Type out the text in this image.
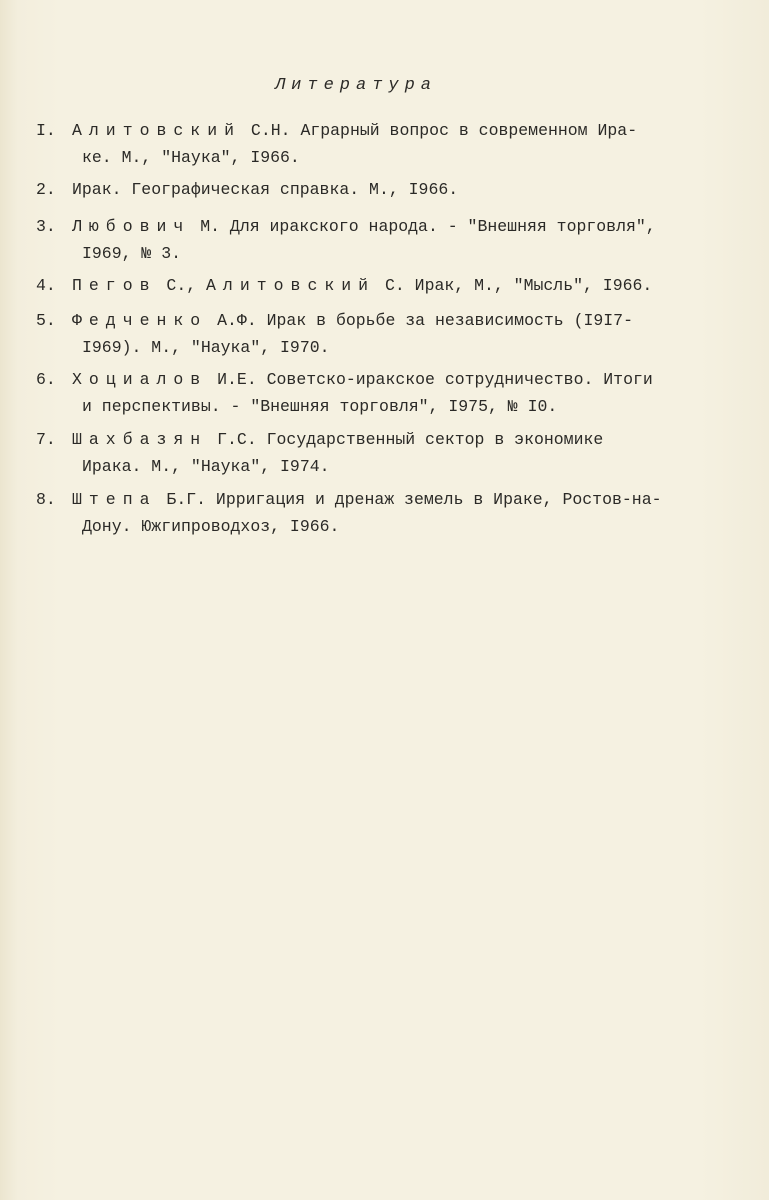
Литература
I. Алитовский С.Н. Аграрный вопрос в современном Ира-
ке. М., "Наука", I966.
2. Ирак. Географическая справка. М., I966.
3. Любович М. Для иракского народа. - "Внешняя торговля",
I969, № 3.
4. Пегов С., Алитовский С. Ирак, М., "Мысль", I966.
5. Федченко А.Ф. Ирак в борьбе за независимость (I9I7-
I969). М., "Наука", I970.
6. Хоциалов И.Е. Советско-иракское сотрудничество. Итоги
и перспективы. - "Внешняя торговля", I975, № I0.
7. Шахбазян Г.С. Государственный сектор в экономике
Ирака. М., "Наука", I974.
8. Штепа Б.Г. Ирригация и дренаж земель в Ираке, Ростов-на-
Дону. Южгипроводхоз, I966.
